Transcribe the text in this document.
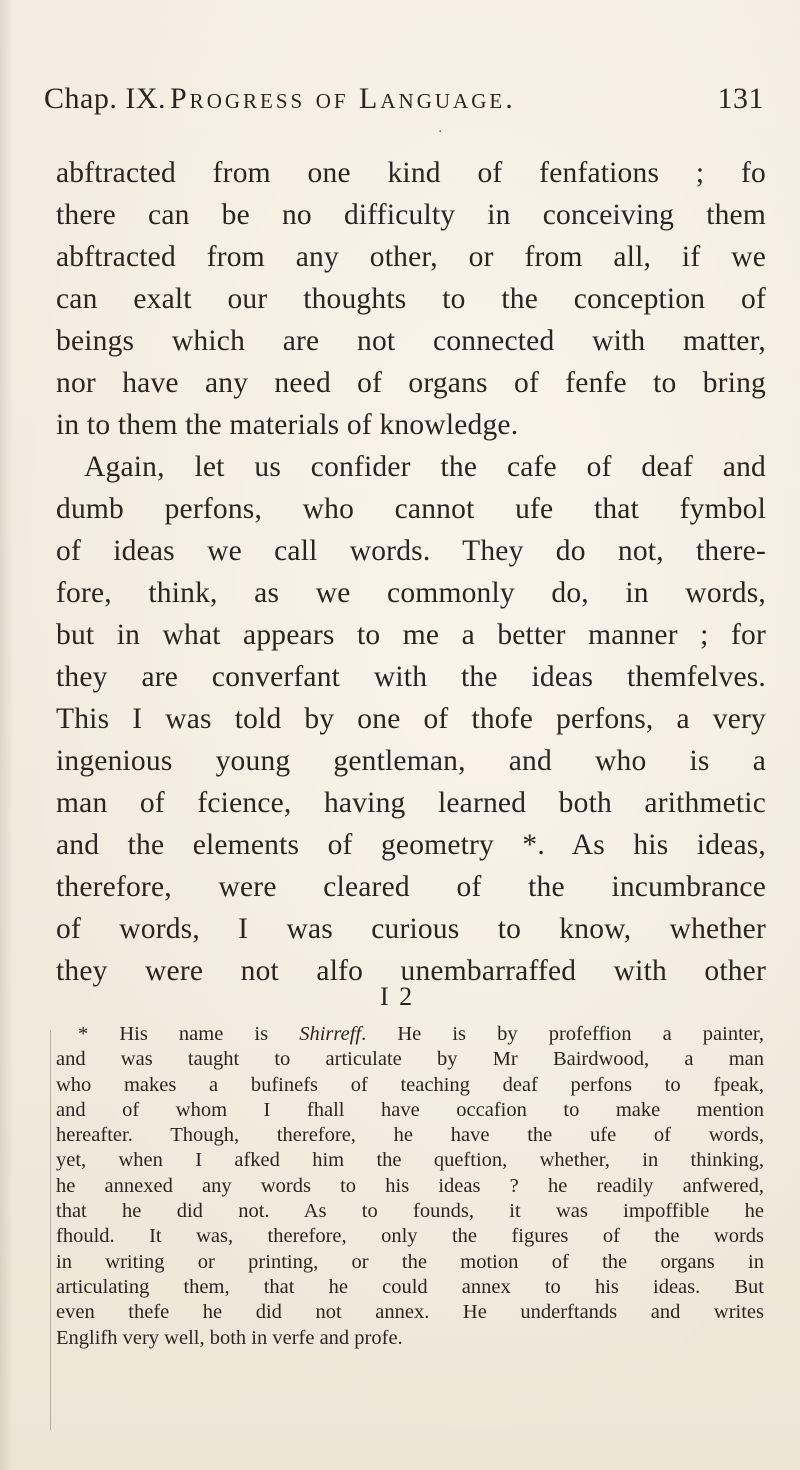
Chap. IX. Progress of Language.	131
·
abftracted from one kind of fenfations ; fo
there can be no difficulty in conceiving them
abftracted from any other, or from all, if we
can exalt our thoughts to the conception of
beings which are not connected with matter,
nor have any need of organs of fenfe to bring
in to them the materials of knowledge.
Again, let us confider the cafe of deaf and
dumb perfons, who cannot ufe that fymbol
of ideas we call words. They do not, there-
fore, think, as we commonly do, in words,
but in what appears to me a better manner ; for
they are converfant with the ideas themfelves.
This I was told by one of thofe perfons, a very
ingenious young gentleman, and who is a
man of fcience, having learned both arithmetic
and the elements of geometry *. As his ideas,
therefore, were cleared of the incumbrance
of words, I was curious to know, whether
they were not alfo unembarraffed with other
I 2
* His name is Shirreff. He is by profeffion a painter,
and was taught to articulate by Mr Bairdwood, a man
who makes a bufinefs of teaching deaf perfons to fpeak,
and of whom I fhall have occafion to make mention
hereafter. Though, therefore, he have the ufe of words,
yet, when I afked him the queftion, whether, in thinking,
he annexed any words to his ideas ? he readily anfwered,
that he did not. As to founds, it was impoffible he
fhould. It was, therefore, only the figures of the words
in writing or printing, or the motion of the organs in
articulating them, that he could annex to his ideas. But
even thefe he did not annex. He underftands and writes
Englifh very well, both in verfe and profe.
